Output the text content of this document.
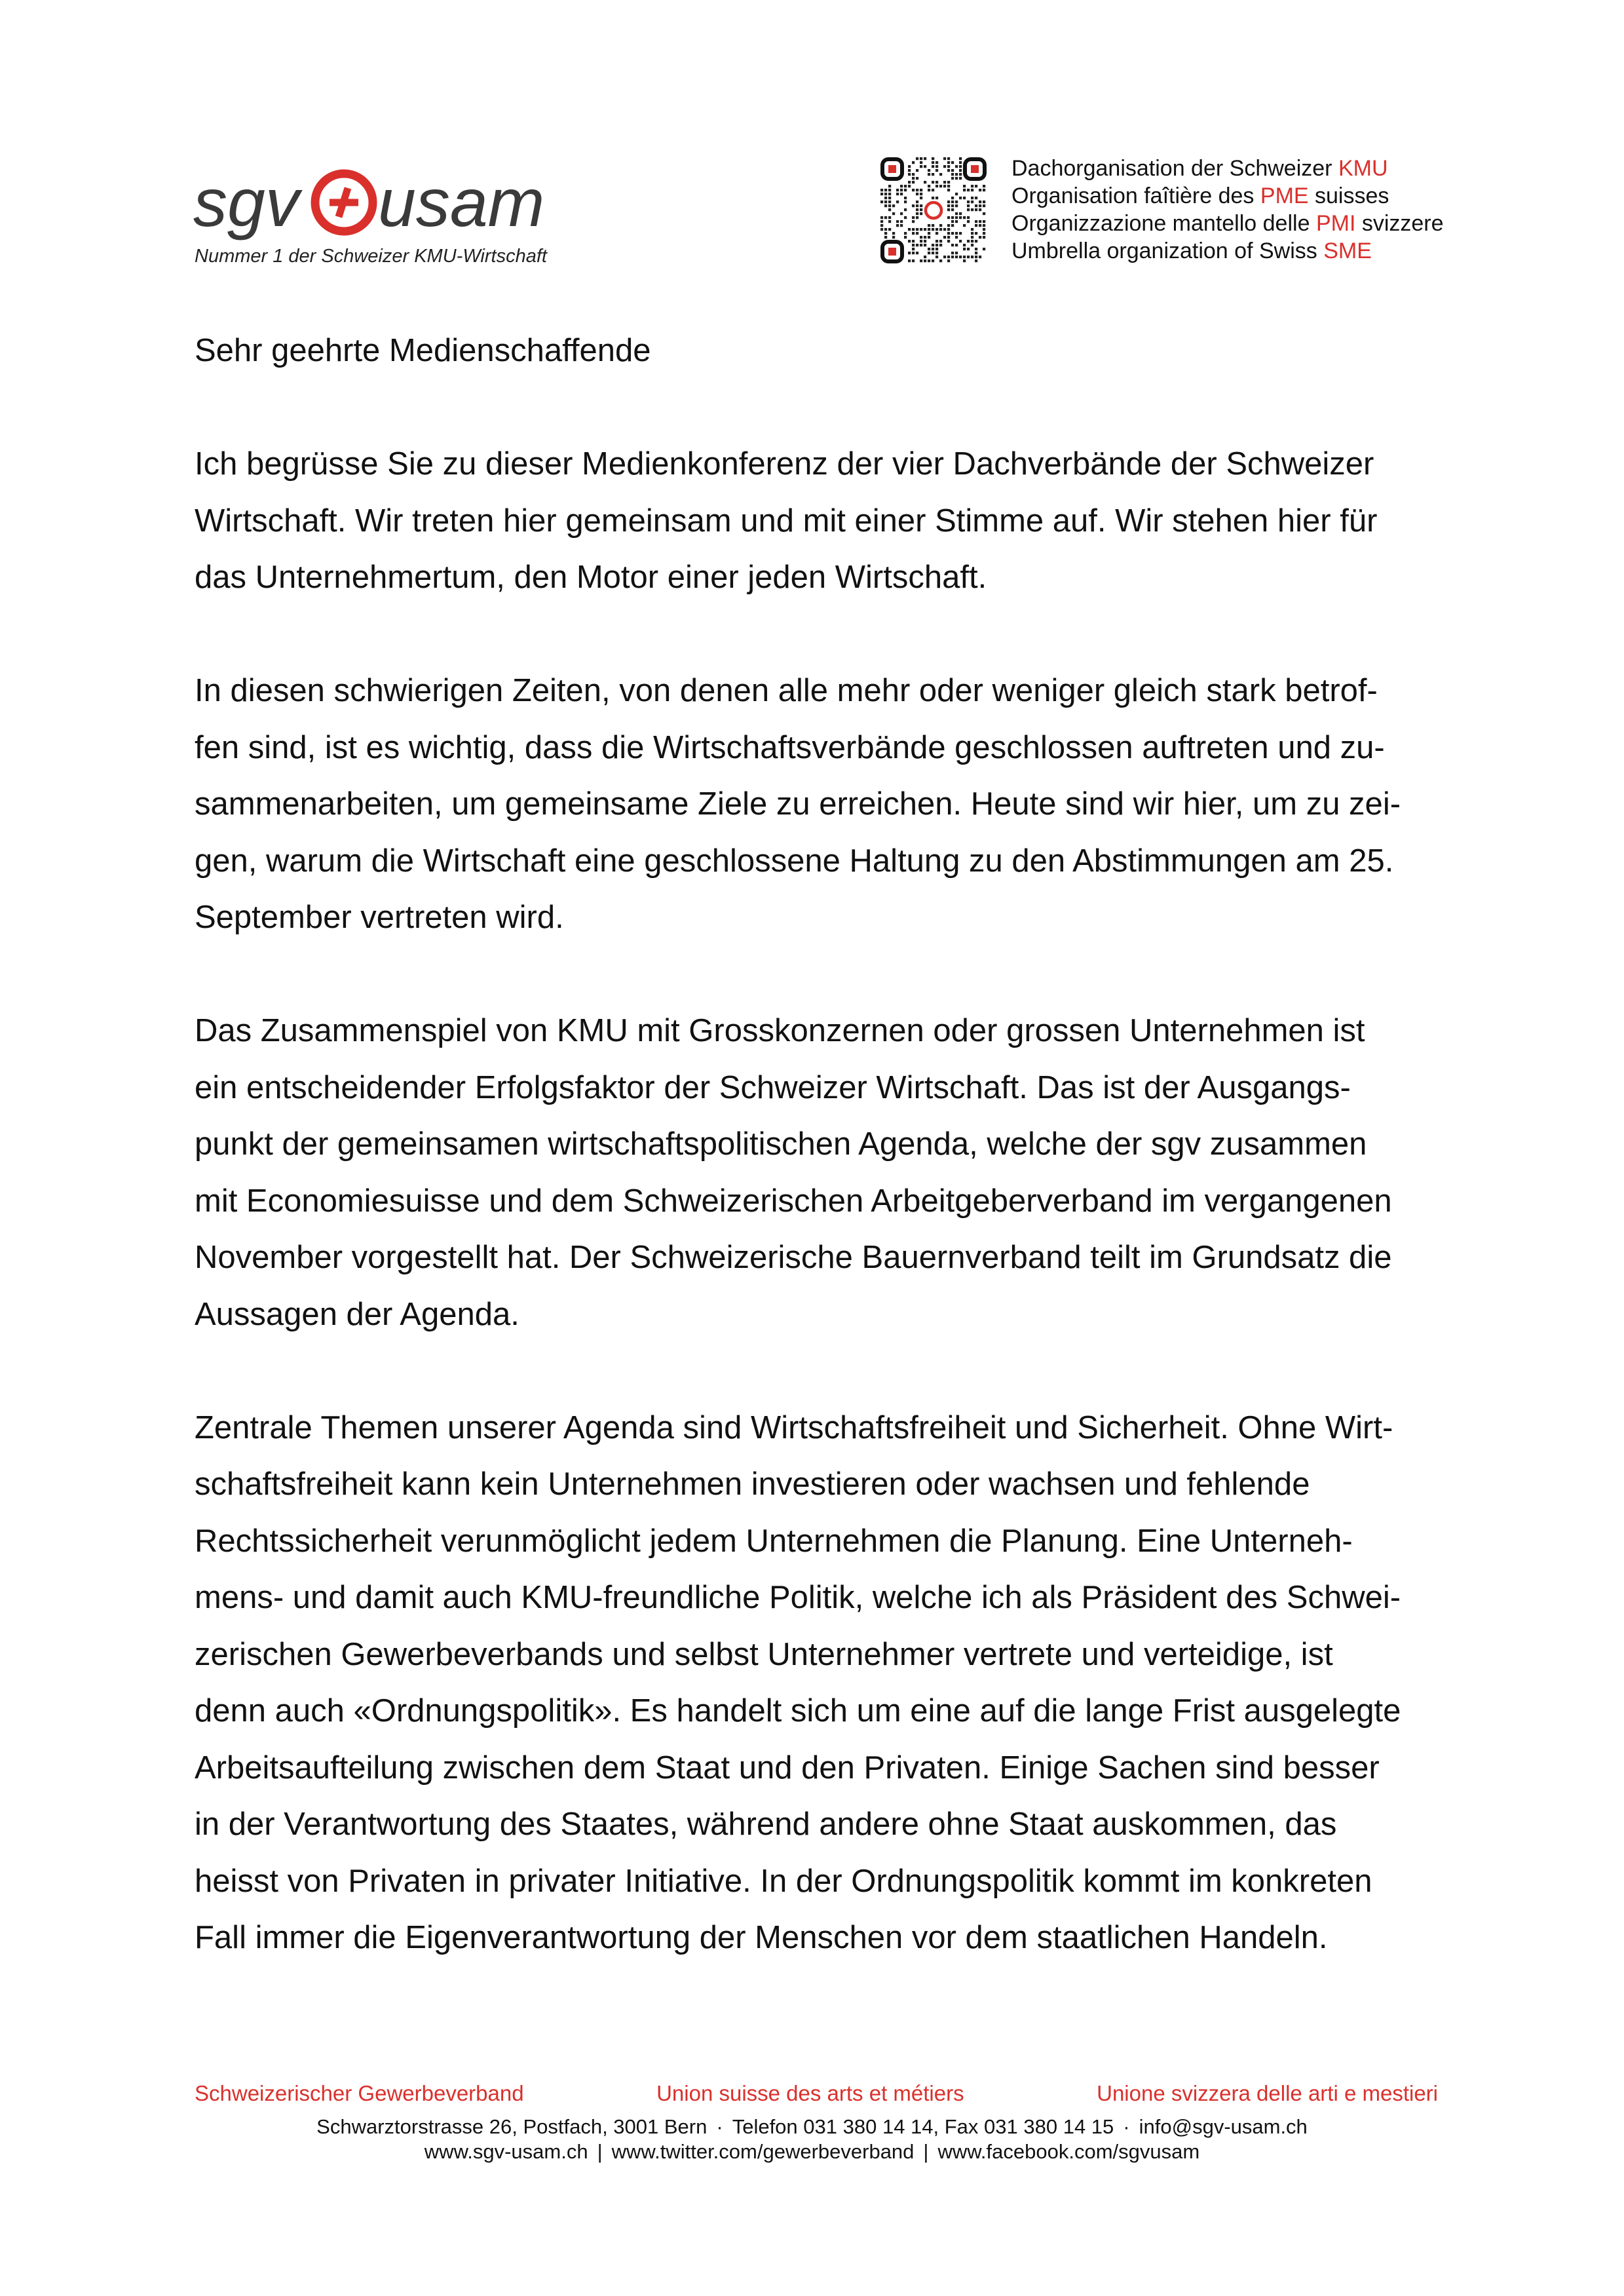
sgv usam
Nummer 1 der Schweizer KMU-Wirtschaft
Dachorganisation der Schweizer KMU
Organisation faîtière des PME suisses
Organizzazione mantello delle PMI svizzere
Umbrella organization of Swiss SME

Sehr geehrte Medienschaffende

Ich begrüsse Sie zu dieser Medienkonferenz der vier Dachverbände der Schweizer
Wirtschaft. Wir treten hier gemeinsam und mit einer Stimme auf. Wir stehen hier für
das Unternehmertum, den Motor einer jeden Wirtschaft.

In diesen schwierigen Zeiten, von denen alle mehr oder weniger gleich stark betrof-
fen sind, ist es wichtig, dass die Wirtschaftsverbände geschlossen auftreten und zu-
sammenarbeiten, um gemeinsame Ziele zu erreichen. Heute sind wir hier, um zu zei-
gen, warum die Wirtschaft eine geschlossene Haltung zu den Abstimmungen am 25.
September vertreten wird.

Das Zusammenspiel von KMU mit Grosskonzernen oder grossen Unternehmen ist
ein entscheidender Erfolgsfaktor der Schweizer Wirtschaft. Das ist der Ausgangs-
punkt der gemeinsamen wirtschaftspolitischen Agenda, welche der sgv zusammen
mit Economiesuisse und dem Schweizerischen Arbeitgeberverband im vergangenen
November vorgestellt hat. Der Schweizerische Bauernverband teilt im Grundsatz die
Aussagen der Agenda.

Zentrale Themen unserer Agenda sind Wirtschaftsfreiheit und Sicherheit. Ohne Wirt-
schaftsfreiheit kann kein Unternehmen investieren oder wachsen und fehlende
Rechtssicherheit verunmöglicht jedem Unternehmen die Planung. Eine Unterneh-
mens- und damit auch KMU-freundliche Politik, welche ich als Präsident des Schwei-
zerischen Gewerbeverbands und selbst Unternehmer vertrete und verteidige, ist
denn auch «Ordnungspolitik». Es handelt sich um eine auf die lange Frist ausgelegte
Arbeitsaufteilung zwischen dem Staat und den Privaten. Einige Sachen sind besser
in der Verantwortung des Staates, während andere ohne Staat auskommen, das
heisst von Privaten in privater Initiative. In der Ordnungspolitik kommt im konkreten
Fall immer die Eigenverantwortung der Menschen vor dem staatlichen Handeln.

Schweizerischer Gewerbeverband	Union suisse des arts et métiers	Unione svizzera delle arti e mestieri
Schwarztorstrasse 26, Postfach, 3001 Bern · Telefon 031 380 14 14, Fax 031 380 14 15 · info@sgv-usam.ch
www.sgv-usam.ch | www.twitter.com/gewerbeverband | www.facebook.com/sgvusam
